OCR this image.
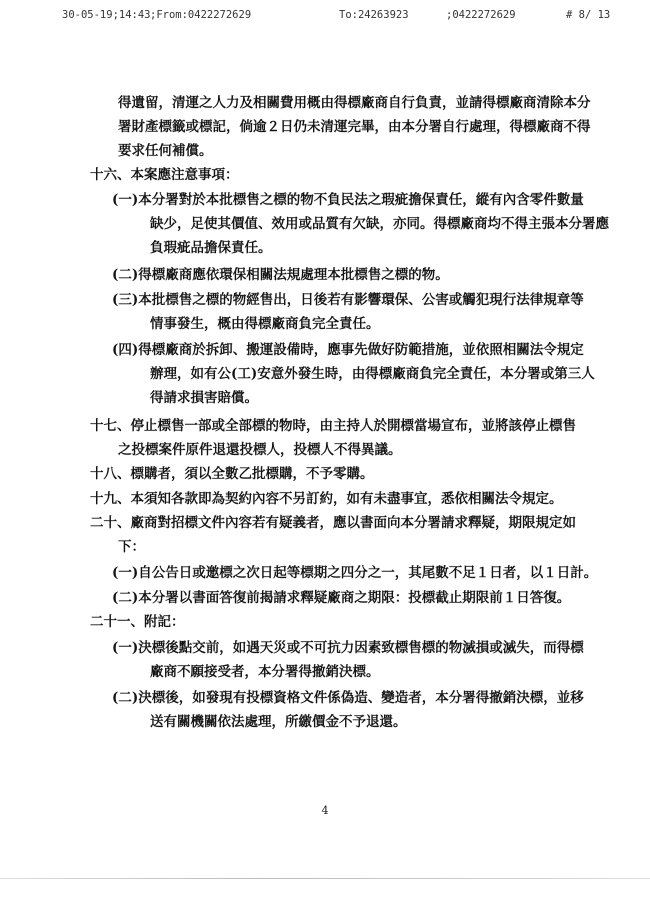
30-05-19;14:43 ;From:0422272629	To:24263923	;0422272629	# 8/ 13
得遺留，清運之人力及相關費用概由得標廠商自行負責，並請得標廠商清除本分
署財產標籤或標記，倘逾２日仍未清運完畢，由本分署自行處理，得標廠商不得
要求任何補償。
十六、本案應注意事項：
(一)本分署對於本批標售之標的物不負民法之瑕疵擔保責任，縱有內含零件數量
缺少，足使其價值、效用或品質有欠缺，亦同。得標廠商均不得主張本分署應
負瑕疵品擔保責任。
(二)得標廠商應依環保相關法規處理本批標售之標的物。
(三)本批標售之標的物經售出，日後若有影響環保、公害或觸犯現行法律規章等
情事發生，概由得標廠商負完全責任。
(四)得標廠商於拆卸、搬運設備時，應事先做好防範措施，並依照相關法令規定
辦理，如有公(工)安意外發生時，由得標廠商負完全責任，本分署或第三人
得請求損害賠償。
十七、停止標售一部或全部標的物時，由主持人於開標當場宣布，並將該停止標售
之投標案件原件退還投標人，投標人不得異議。
十八、標購者，須以全數乙批標購，不予零購。
十九、本須知各款即為契約內容不另訂約，如有未盡事宜，悉依相關法令規定。
二十、廠商對招標文件內容若有疑義者，應以書面向本分署請求釋疑，期限規定如
下：
(一)自公告日或邀標之次日起等標期之四分之一，其尾數不足１日者，以１日計。
(二)本分署以書面答復前揭請求釋疑廠商之期限：投標截止期限前１日答復。
二十一、附記：
(一)決標後點交前，如遇天災或不可抗力因素致標售標的物滅損或滅失，而得標
廠商不願接受者，本分署得撤銷決標。
(二)決標後，如發現有投標資格文件係偽造、變造者，本分署得撤銷決標，並移
送有關機關依法處理，所繳價金不予退還。
4
